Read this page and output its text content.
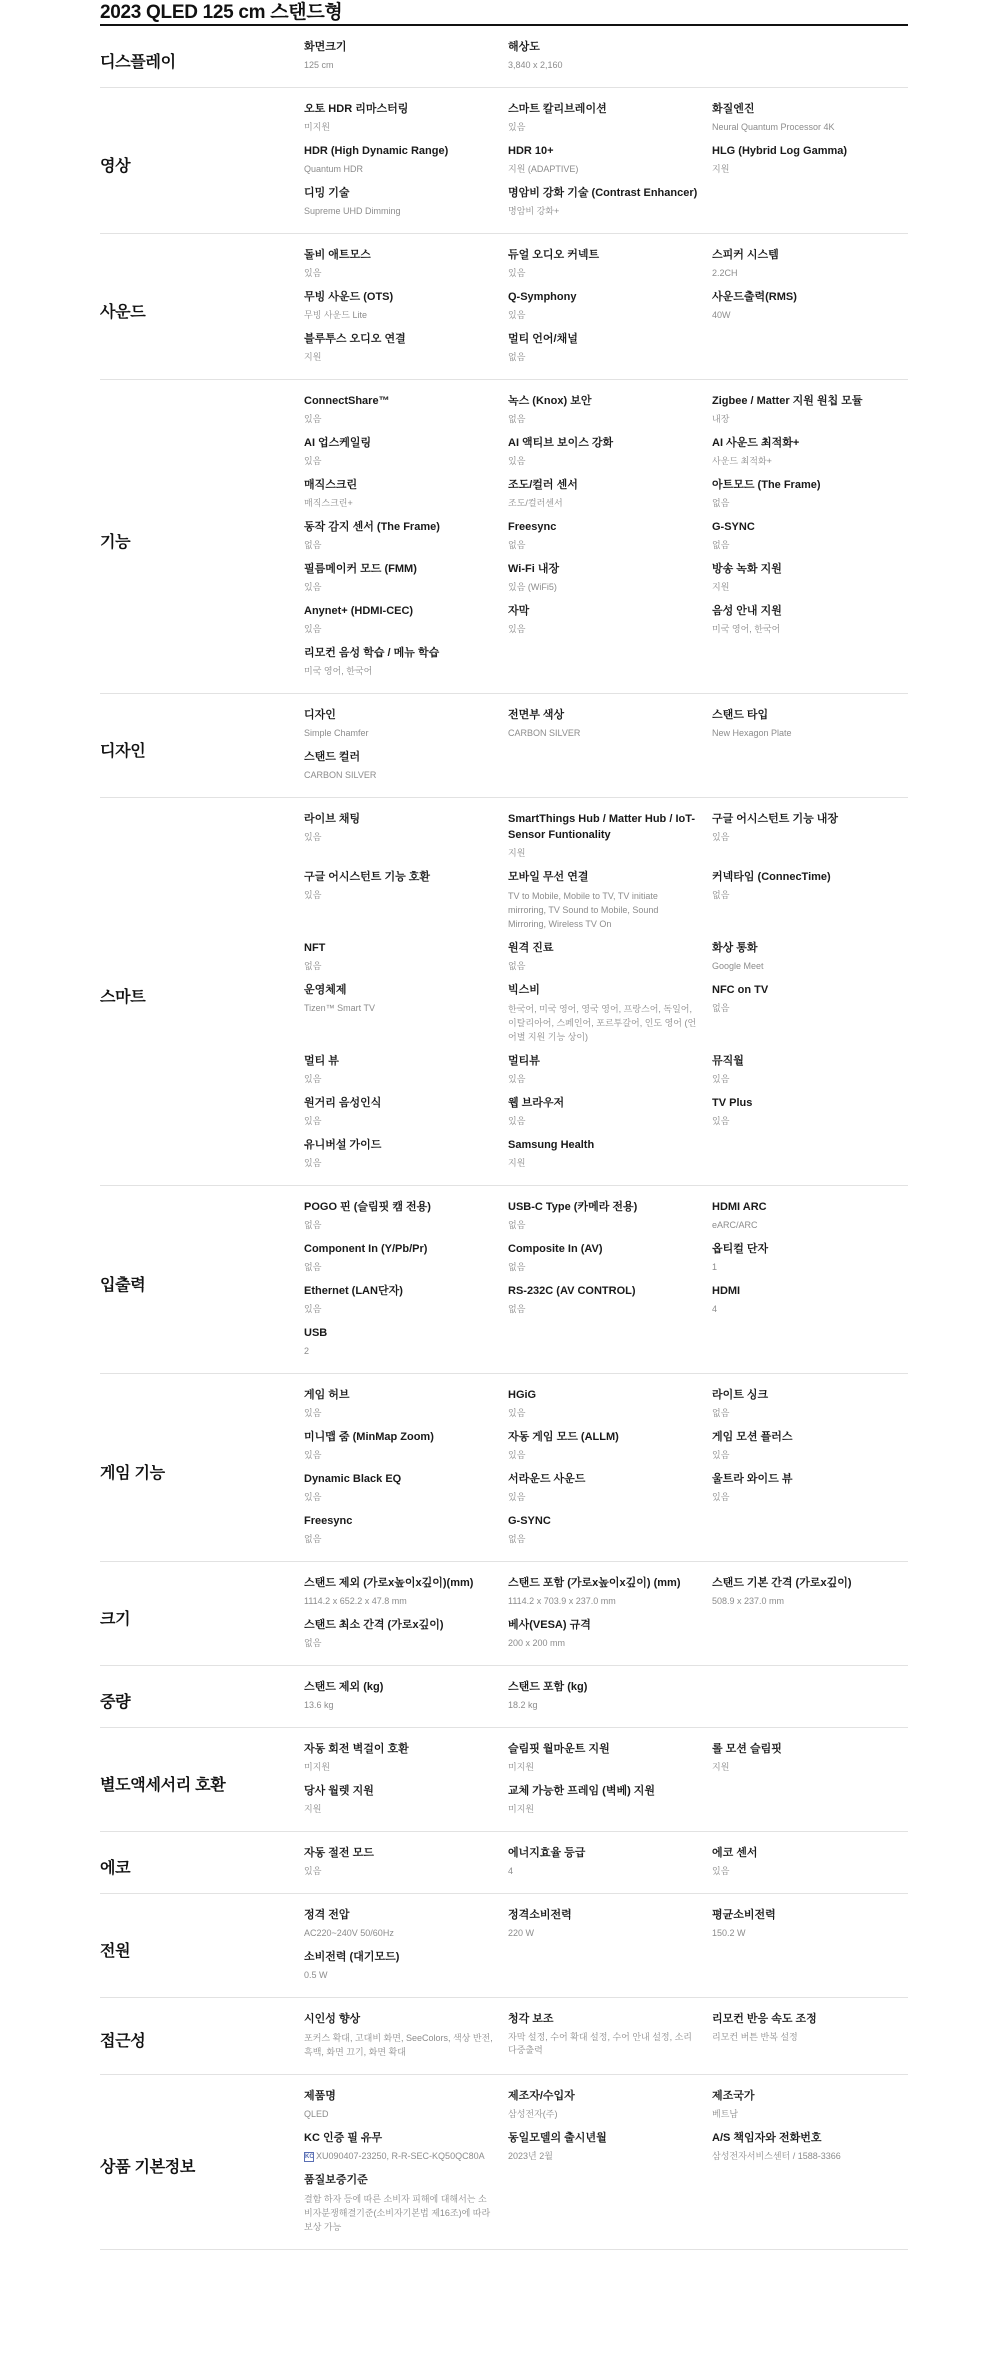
2023 QLED 125 cm 스탠드형
디스플레이
화면크기
125 cm
해상도
3,840 x 2,160
영상
오토 HDR 리마스터링
미지원
스마트 칼리브레이션
있음
화질엔진
Neural Quantum Processor 4K
HDR (High Dynamic Range)
Quantum HDR
HDR 10+
지원 (ADAPTIVE)
HLG (Hybrid Log Gamma)
지원
디밍 기술
Supreme UHD Dimming
명암비 강화 기술 (Contrast Enhancer)
명암비 강화+
사운드
돌비 애트모스
있음
듀얼 오디오 커넥트
있음
스피커 시스템
2.2CH
무빙 사운드 (OTS)
무빙 사운드 Lite
Q-Symphony
있음
사운드출력(RMS)
40W
블루투스 오디오 연결
지원
멀티 언어/채널
없음
기능
ConnectShare™
있음
녹스 (Knox) 보안
없음
Zigbee / Matter 지원 원칩 모듈
내장
AI 업스케일링
있음
AI 액티브 보이스 강화
있음
AI 사운드 최적화+
사운드 최적화+
매직스크린
매직스크린+
조도/컬러 센서
조도/컬러센서
아트모드 (The Frame)
없음
동작 감지 센서 (The Frame)
없음
Freesync
없음
G-SYNC
없음
필름메이커 모드 (FMM)
있음
Wi-Fi 내장
있음 (WiFi5)
방송 녹화 지원
지원
Anynet+ (HDMI-CEC)
있음
자막
있음
음성 안내 지원
미국 영어, 한국어
리모컨 음성 학습 / 메뉴 학습
미국 영어, 한국어
디자인
디자인
Simple Chamfer
전면부 색상
CARBON SILVER
스탠드 타입
New Hexagon Plate
스탠드 컬러
CARBON SILVER
스마트
라이브 채팅
있음
SmartThings Hub / Matter Hub / IoT-Sensor Funtionality
지원
구글 어시스턴트 기능 내장
있음
구글 어시스턴트 기능 호환
있음
모바일 무선 연결
TV to Mobile, Mobile to TV, TV initiate mirroring, TV Sound to Mobile, Sound Mirroring, Wireless TV On
커넥타임 (ConnecTime)
없음
NFT
없음
원격 진료
없음
화상 통화
Google Meet
운영체제
Tizen™ Smart TV
빅스비
한국어, 미국 영어, 영국 영어, 프랑스어, 독일어, 이탈리아어, 스페인어, 포르투갈어, 인도 영어 (언어별 지원 기능 상이)
NFC on TV
없음
멀티 뷰
있음
멀티뷰
있음
뮤직월
있음
원거리 음성인식
있음
웹 브라우저
있음
TV Plus
있음
유니버설 가이드
있음
Samsung Health
지원
입출력
POGO 핀 (슬림핏 캠 전용)
없음
USB-C Type (카메라 전용)
없음
HDMI ARC
eARC/ARC
Component In (Y/Pb/Pr)
없음
Composite In (AV)
없음
옵티컬 단자
1
Ethernet (LAN단자)
있음
RS-232C (AV CONTROL)
없음
HDMI
4
USB
2
게임 기능
게임 허브
있음
HGiG
있음
라이트 싱크
없음
미니맵 줌 (MinMap Zoom)
있음
자동 게임 모드 (ALLM)
있음
게임 모션 플러스
있음
Dynamic Black EQ
있음
서라운드 사운드
있음
울트라 와이드 뷰
있음
Freesync
없음
G-SYNC
없음
크기
스탠드 제외 (가로x높이x깊이)(mm)
1114.2 x 652.2 x 47.8 mm
스탠드 포함 (가로x높이x깊이) (mm)
1114.2 x 703.9 x 237.0 mm
스탠드 기본 간격 (가로x깊이)
508.9 x 237.0 mm
스탠드 최소 간격 (가로x깊이)
없음
베사(VESA) 규격
200 x 200 mm
중량
스탠드 제외 (kg)
13.6 kg
스탠드 포함 (kg)
18.2 kg
별도액세서리 호환
자동 회전 벽걸이 호환
미지원
슬림핏 월마운트 지원
미지원
롤 모션 슬림핏
지원
당사 월렛 지원
지원
교체 가능한 프레임 (벽베) 지원
미지원
에코
자동 절전 모드
있음
에너지효율 등급
4
에코 센서
있음
전원
정격 전압
AC220~240V 50/60Hz
정격소비전력
220 W
평균소비전력
150.2 W
소비전력 (대기모드)
0.5 W
접근성
시인성 향상
포커스 확대, 고대비 화면, SeeColors, 색상 반전, 흑백, 화면 끄기, 화면 확대
청각 보조
자막 설정, 수어 확대 설정, 수어 안내 설정, 소리 다중출력
리모컨 반응 속도 조정
리모컨 버튼 반복 설정
상품 기본정보
제품명
QLED
제조자/수입자
삼성전자(주)
제조국가
베트남
KC 인증 필 유무
KC XU090407-23250, R-R-SEC-KQ50QC80A
동일모델의 출시년월
2023년 2월
A/S 책임자와 전화번호
삼성전자서비스센터 / 1588-3366
품질보증기준
결함 하자 등에 따른 소비자 피해에 대해서는 소비자분쟁해결기준(소비자기본법 제16조)에 따라 보상 가능
